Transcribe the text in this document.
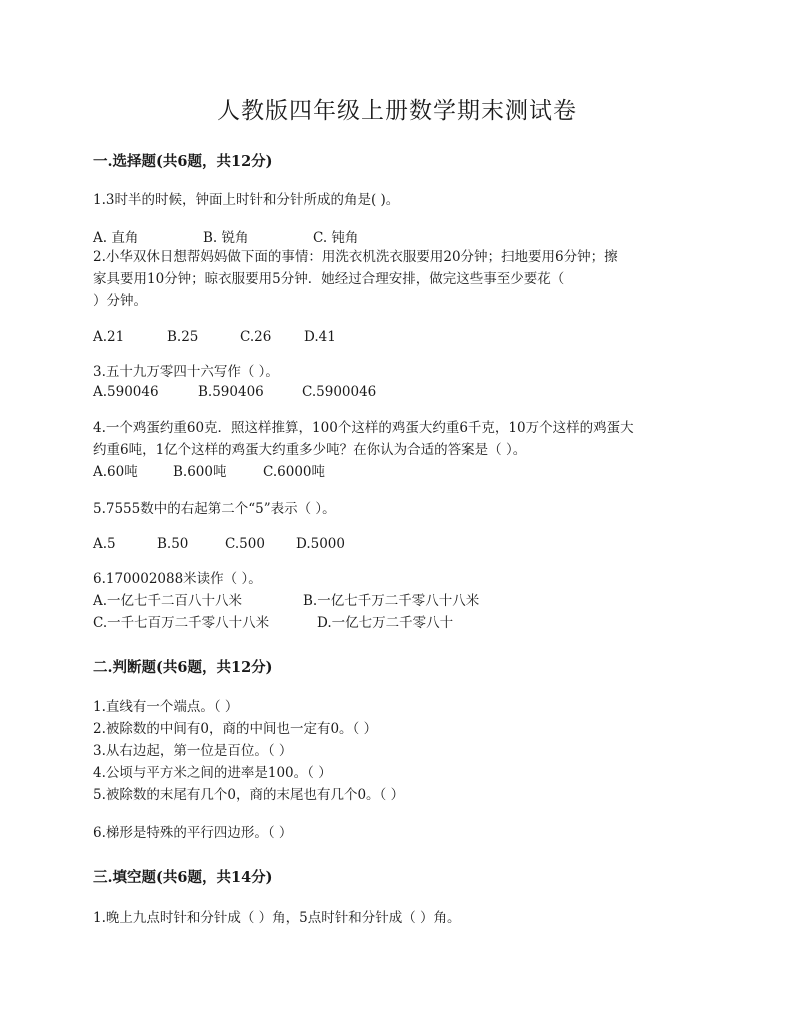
人教版四年级上册数学期末测试卷
一.选择题(共6题，共12分)
1.3时半的时候，钟面上时针和分针所成的角是( )。
A. 直角	B. 锐角	C. 钝角
2.小华双休日想帮妈妈做下面的事情：用洗衣机洗衣服要用20分钟；扫地要用6分钟；擦
家具要用10分钟；晾衣服要用5分钟．她经过合理安排，做完这些事至少要花（
）分钟。
A.21	B.25	C.26 D.41
3.五十九万零四十六写作（ ）。
A.590046	B.590406	C.5900046
4.一个鸡蛋约重60克．照这样推算，100个这样的鸡蛋大约重6千克，10万个这样的鸡蛋大
约重6吨，1亿个这样的鸡蛋大约重多少吨？在你认为合适的答案是（ ）。
A.60吨	B.600吨	C.6000吨
5.7555数中的右起第二个“5”表示（ ）。
A.5	B.50	C.500 D.5000
6.170002088米读作（ ）。
A.一亿七千二百八十八米	B.一亿七千万二千零八十八米
C.一千七百万二千零八十八米	D.一亿七万二千零八十
二.判断题(共6题，共12分)
1.直线有一个端点。（ ）
2.被除数的中间有0，商的中间也一定有0。（ ）
3.从右边起，第一位是百位。（ ）
4.公顷与平方米之间的进率是100。（ ）
5.被除数的末尾有几个0，商的末尾也有几个0。（ ）
6.梯形是特殊的平行四边形。（ ）
三.填空题(共6题，共14分)
1.晚上九点时针和分针成（ ）角，5点时针和分针成（ ）角。
